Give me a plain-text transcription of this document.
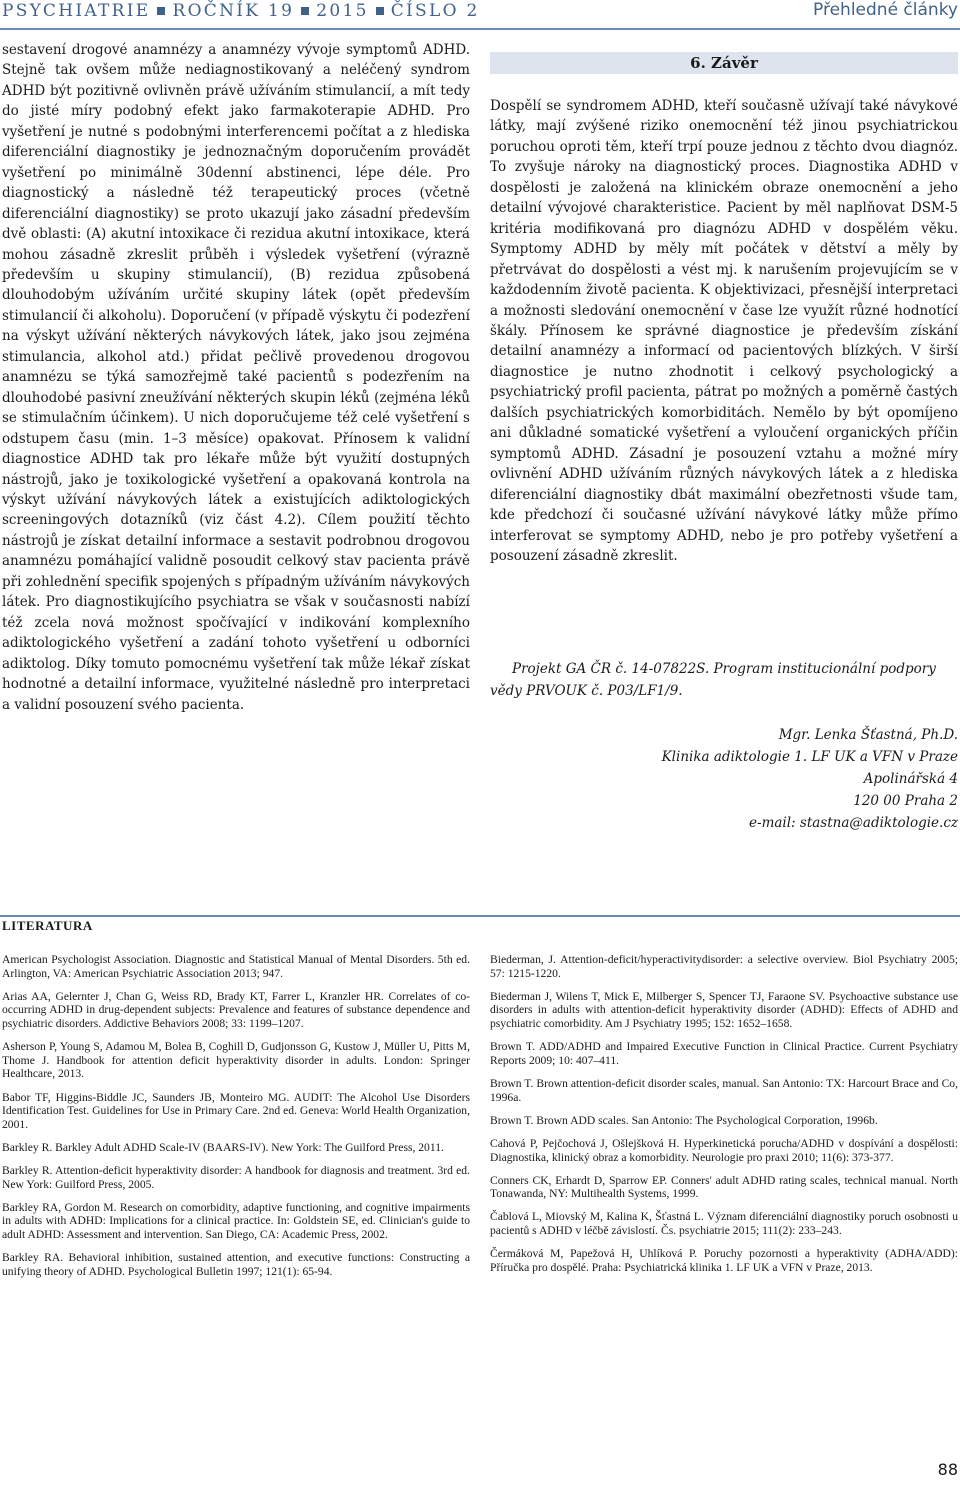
PSYCHIATRIE ROČNÍK 19 2015 ČÍSLO 2	Přehledné články

sestavení drogové anamnézy a anamnézy vývoje symptomů ADHD. Stejně tak ovšem může nediagnostikovaný a neléčený syndrom ADHD být pozitivně ovlivněn právě užíváním stimulancií, a mít tedy do jisté míry podobný efekt jako farmakoterapie ADHD. Pro vyšetření je nutné s podobnými interferencemi počítat a z hlediska diferenciální diagnostiky je jednoznačným doporučením provádět vyšetření po minimálně 30denní abstinenci, lépe déle. Pro diagnostický a následně též terapeutický proces (včetně diferenciální diagnostiky) se proto ukazují jako zásadní především dvě oblasti: (A) akutní intoxikace či rezidua akutní intoxikace, která mohou zásadně zkreslit průběh i výsledek vyšetření (výrazně především u skupiny stimulancií), (B) rezidua způsobená dlouhodobým užíváním určité skupiny látek (opět především stimulancií či alkoholu). Doporučení (v případě výskytu či podezření na výskyt užívání některých návykových látek, jako jsou zejména stimulancia, alkohol atd.) přidat pečlivě provedenou drogovou anamnézu se týká samozřejmě také pacientů s podezřením na dlouhodobé pasivní zneužívání některých skupin léků (zejména léků se stimulačním účinkem). U nich doporučujeme též celé vyšetření s odstupem času (min. 1–3 měsíce) opakovat. Přínosem k validní diagnostice ADHD tak pro lékaře může být využití dostupných nástrojů, jako je toxikologické vyšetření a opakovaná kontrola na výskyt užívání návykových látek a existujících adiktologických screeningových dotazníků (viz část 4.2). Cílem použití těchto nástrojů je získat detailní informace a sestavit podrobnou drogovou anamnézu pomáhající validně posoudit celkový stav pacienta právě při zohlednění specifik spojených s případným užíváním návykových látek. Pro diagnostikujícího psychiatra se však v současnosti nabízí též zcela nová možnost spočívající v indikování komplexního adiktologického vyšetření a zadání tohoto vyšetření u odborníci adiktolog. Díky tomuto pomocnému vyšetření tak může lékař získat hodnotné a detailní informace, využitelné následně pro interpretaci a validní posouzení svého pacienta.

6. Závěr

Dospělí se syndromem ADHD, kteří současně užívají také návykové látky, mají zvýšené riziko onemocnění též jinou psychiatrickou poruchou oproti těm, kteří trpí pouze jednou z těchto dvou diagnóz. To zvyšuje nároky na diagnostický proces. Diagnostika ADHD v dospělosti je založená na klinickém obraze onemocnění a jeho detailní vývojové charakteristice. Pacient by měl naplňovat DSM-5 kritéria modifikovaná pro diagnózu ADHD v dospělém věku. Symptomy ADHD by měly mít počátek v dětství a měly by přetrvávat do dospělosti a vést mj. k narušením projevujícím se v každodenním životě pacienta. K objektivizaci, přesnější interpretaci a možnosti sledování onemocnění v čase lze využít různé hodnotící škály. Přínosem ke správné diagnostice je především získání detailní anamnézy a informací od pacientových blízkých. V širší diagnostice je nutno zhodnotit i celkový psychologický a psychiatrický profil pacienta, pátrat po možných a poměrně častých dalších psychiatrických komorbiditách. Nemělo by být opomíjeno ani důkladné somatické vyšetření a vyloučení organických příčin symptomů ADHD. Zásadní je posouzení vztahu a možné míry ovlivnění ADHD užíváním různých návykových látek a z hlediska diferenciální diagnostiky dbát maximální obezřetnosti všude tam, kde předchozí či současné užívání návykové látky může přímo interferovat se symptomy ADHD, nebo je pro potřeby vyšetření a posouzení zásadně zkreslit.

Projekt GA ČR č. 14-07822S. Program institucionální podpory vědy PRVOUK č. P03/LF1/9.

Mgr. Lenka Šťastná, Ph.D.
Klinika adiktologie 1. LF UK a VFN v Praze
Apolinářská 4
120 00 Praha 2
e-mail: stastna@adiktologie.cz
LITERATURA

American Psychologist Association. Diagnostic and Statistical Manual of Mental Disorders. 5th ed. Arlington, VA: American Psychiatric Association 2013; 947.

Arias AA, Gelernter J, Chan G, Weiss RD, Brady KT, Farrer L, Kranzler HR. Correlates of co-occurring ADHD in drug-dependent subjects: Prevalence and features of substance dependence and psychiatric disorders. Addictive Behaviors 2008; 33: 1199–1207.

Asherson P, Young S, Adamou M, Bolea B, Coghill D, Gudjonsson G, Kustow J, Müller U, Pitts M, Thome J. Handbook for attention deficit hyperaktivity disorder in adults. London: Springer Healthcare, 2013.

Babor TF, Higgins-Biddle JC, Saunders JB, Monteiro MG. AUDIT: The Alcohol Use Disorders Identification Test. Guidelines for Use in Primary Care. 2nd ed. Geneva: World Health Organization, 2001.

Barkley R. Barkley Adult ADHD Scale-IV (BAARS-IV). New York: The Guilford Press, 2011.

Barkley R. Attention-deficit hyperaktivity disorder: A handbook for diagnosis and treatment. 3rd ed. New York: Guilford Press, 2005.

Barkley RA, Gordon M. Research on comorbidity, adaptive functioning, and cognitive impairments in adults with ADHD: Implications for a clinical practice. In: Goldstein SE, ed. Clinician's guide to adult ADHD: Assessment and intervention. San Diego, CA: Academic Press, 2002.

Barkley RA. Behavioral inhibition, sustained attention, and executive functions: Constructing a unifying theory of ADHD. Psychological Bulletin 1997; 121(1): 65-94.

Biederman, J. Attention-deficit/hyperactivitydisorder: a selective overview. Biol Psychiatry 2005; 57: 1215-1220.

Biederman J, Wilens T, Mick E, Milberger S, Spencer TJ, Faraone SV. Psychoactive substance use disorders in adults with attention-deficit hyperaktivity disorder (ADHD): Effects of ADHD and psychiatric comorbidity. Am J Psychiatry 1995; 152: 1652–1658.

Brown T. ADD/ADHD and Impaired Executive Function in Clinical Practice. Current Psychiatry Reports 2009; 10: 407–411.

Brown T. Brown attention-deficit disorder scales, manual. San Antonio: TX: Harcourt Brace and Co, 1996a.

Brown T. Brown ADD scales. San Antonio: The Psychological Corporation, 1996b.

Cahová P, Pejčochová J, Ošlejšková H. Hyperkinetická porucha/ADHD v dospívání a dospělosti: Diagnostika, klinický obraz a komorbidity. Neurologie pro praxi 2010; 11(6): 373-377.

Conners CK, Erhardt D, Sparrow EP. Conners' adult ADHD rating scales, technical manual. North Tonawanda, NY: Multihealth Systems, 1999.

Čablová L, Miovský M, Kalina K, Šťastná L. Význam diferenciální diagnostiky poruch osobnosti u pacientů s ADHD v léčbě závislostí. Čs. psychiatrie 2015; 111(2): 233–243.

Čermáková M, Papežová H, Uhlíková P. Poruchy pozornosti a hyperaktivity (ADHA/ADD): Příručka pro dospělé. Praha: Psychiatrická klinika 1. LF UK a VFN v Praze, 2013.

88
